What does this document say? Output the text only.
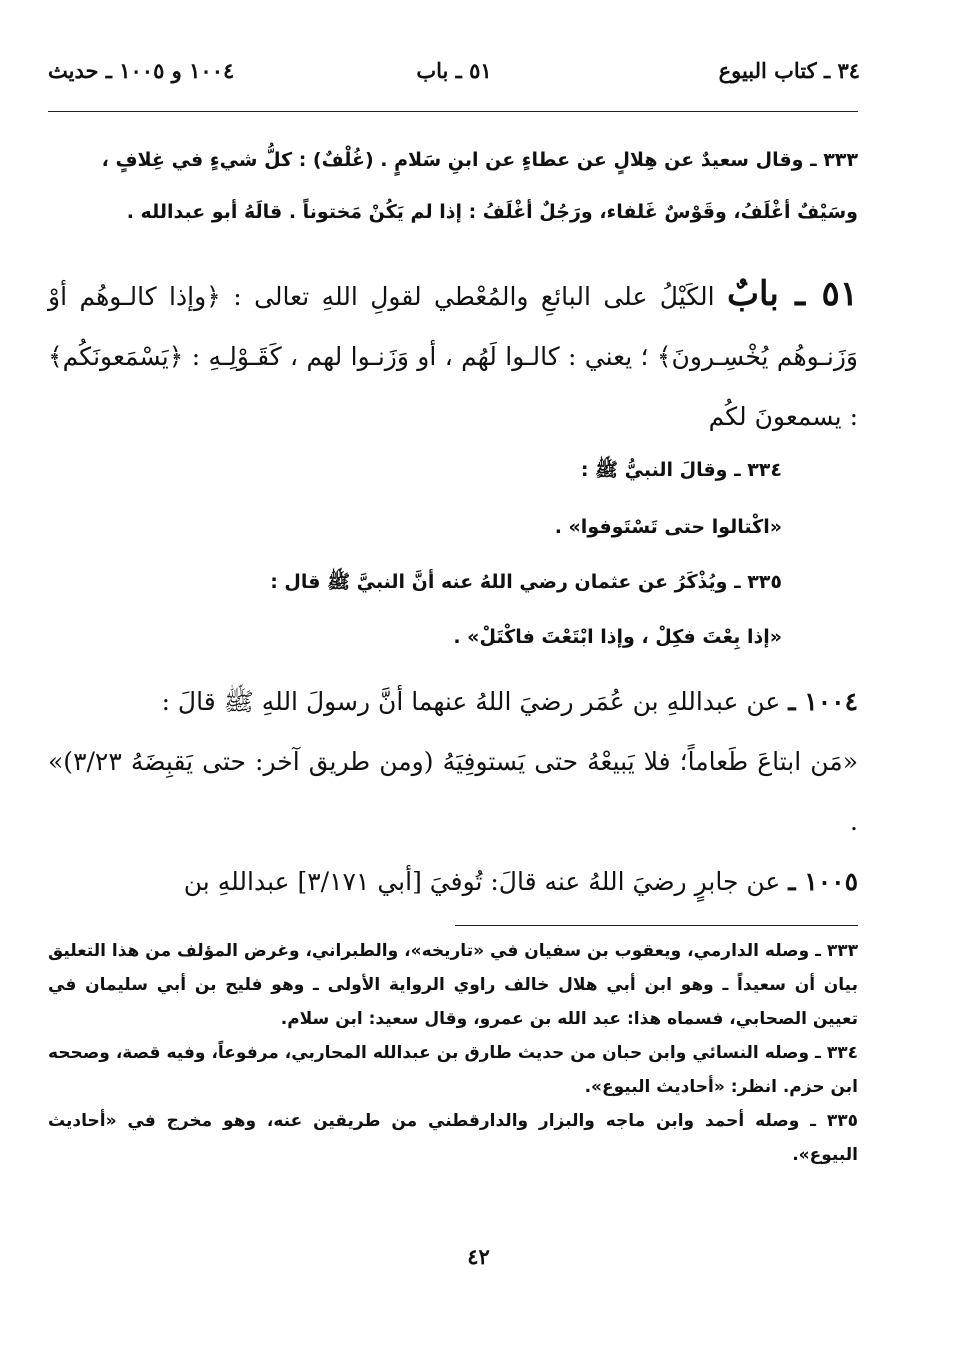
٣٤ ـ كتاب البيوع
٥١ ـ باب
١٠٠٤ و ١٠٠٥ ـ حديث
٣٣٣ ـ وقال سعيدٌ عن هِلالٍ عن عطاءٍ عن ابنِ سَلامٍ . (غُلْفٌ) : كلُّ شيءٍ في غِلافٍ ،
وسَيْفٌ أغْلَفُ، وقَوْسٌ غَلفاء، ورَجُلٌ أغْلَفُ : إذا لم يَكُنْ مَختوناً . قالَهُ أبو عبدالله .
٥١ ـ بابٌ الكَيْلُ على البائعِ والمُعْطي لقولِ اللهِ تعالى : ﴿وإذا كالـوهُم أوْ وَزَنـوهُم يُخْسِـرونَ﴾ ؛ يعني : كالـوا لَهُم ، أو وَزَنـوا لهم ، كَقَـوْلِـهِ : ﴿يَسْمَعونَكُم﴾ : يسمعونَ لكُم
٣٣٤ ـ وقالَ النبيُّ ﷺ :
«اكْتالوا حتى تَسْتَوفوا» .
٣٣٥ ـ ويُذْكَرُ عن عثمان رضي اللهُ عنه أنَّ النبيَّ ﷺ قال :
«إذا بِعْتَ فكِلْ ، وإذا ابْتَعْتَ فاكْتَلْ» .
١٠٠٤ ـ عن عبداللهِ بن عُمَر رضيَ اللهُ عنهما أنَّ رسولَ اللهِ ﷺ قالَ :
«مَن ابتاعَ طَعاماً؛ فلا يَبيعْهُ حتى يَستوفِيَهُ (ومن طريق آخر: حتى يَقبِضَهُ ٣/٢٣)» .
١٠٠٥ ـ عن جابرٍ رضيَ اللهُ عنه قالَ: تُوفيَ [أبي ٣/١٧١] عبداللهِ بن

٣٣٣ ـ وصله الدارمي، ويعقوب بن سفيان في «تاريخه»، والطبراني، وغرض المؤلف من هذا التعليق بيان أن سعيداً ـ وهو ابن أبي هلال خالف راوي الرواية الأولى ـ وهو فليح بن أبي سليمان في تعيين الصحابي، فسماه هذا: عبد الله بن عمرو، وقال سعيد: ابن سلام.

٣٣٤ ـ وصله النسائي وابن حبان من حديث طارق بن عبدالله المحاربي، مرفوعاً، وفيه قصة، وصححه ابن حزم. انظر: «أحاديث البيوع».

٣٣٥ ـ وصله أحمد وابن ماجه والبزار والدارقطني من طريقين عنه، وهو مخرج في «أحاديث البيوع».

٤٢
